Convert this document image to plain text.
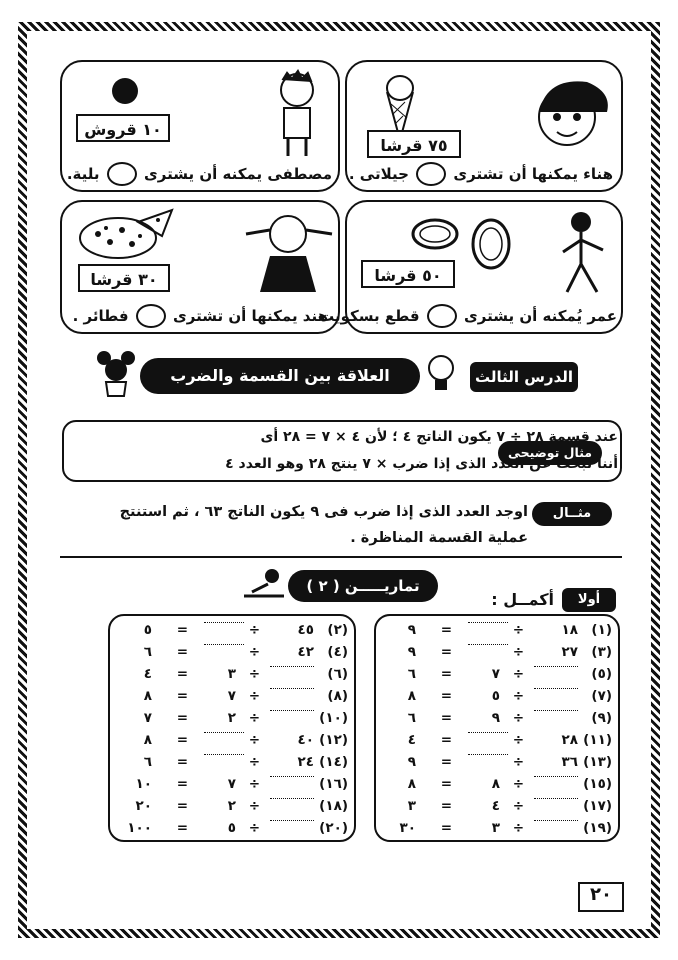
٧٥ قرشا
هناء يمكنها أن تشترى  جيلاتى .
١٠ قروش
مصطفى يمكنه أن يشترى  بلية.
٥٠ قرشا
عمر يُمكنه أن يشترى  قطع بسكويت
٣٠ قرشا
هند يمكنها أن تشترى  فطائر .
الدرس الثالث
العلاقة بين القسمة والضرب
مثال توضيحى
عند قسمة ٢٨ ÷ ٧ يكون الناتج ٤ ؛ لأن ٤ × ٧ = ٢٨ أى
أننا نبحث عن العدد الذى إذا ضرب × ٧ ينتج ٢٨ وهو العدد ٤
مثــال
اوجد العدد الذى إذا ضرب فى ٩ يكون الناتج ٦٣ ، ثم استنتج
عملية القسمة المناظرة .
تماريـــــن ( ٢ )
أولا
أكمــل :
(١)
١٨
÷
=
٩
(٣)
٢٧
÷
=
٩
(٥)
÷
٧
=
٦
(٧)
÷
٥
=
٨
(٩)
÷
٩
=
٦
(١١)
٢٨
÷
=
٤
(١٣)
٣٦
÷
=
٩
(١٥)
÷
٨
=
٨
(١٧)
÷
٤
=
٣
(١٩)
÷
٣
=
٣٠
(٢)
٤٥
÷
=
٥
(٤)
٤٢
÷
=
٦
(٦)
÷
٣
=
٤
(٨)
÷
٧
=
٨
(١٠)
÷
٢
=
٧
(١٢)
٤٠
÷
=
٨
(١٤)
٢٤
÷
=
٦
(١٦)
÷
٧
=
١٠
(١٨)
÷
٢
=
٢٠
(٢٠)
÷
٥
=
١٠٠
٢٠
